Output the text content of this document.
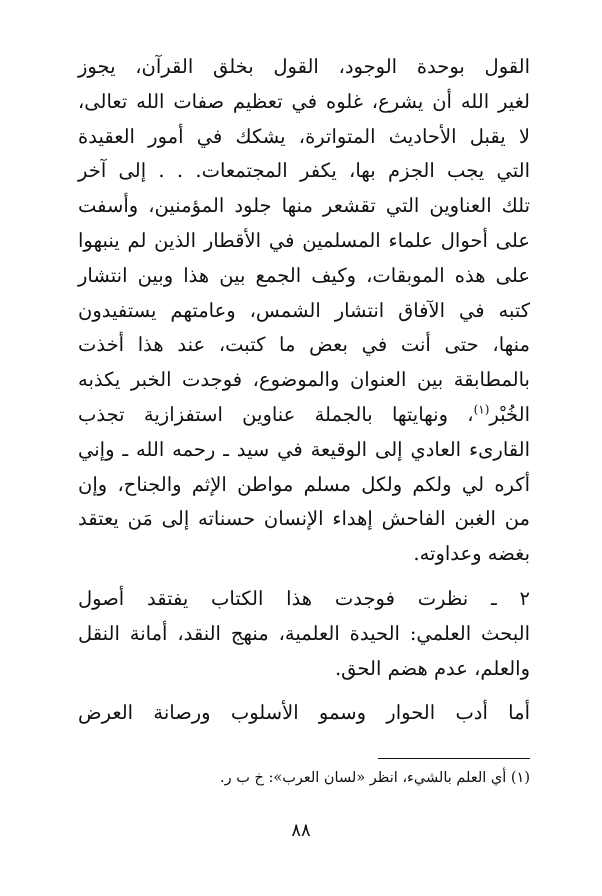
القول بوحدة الوجود، القول بخلق القرآن، يجوز
لغير الله أن يشرع، غلوه في تعظيم صفات الله تعالى،
لا يقبل الأحاديث المتواترة، يشكك في أمور العقيدة
التي يجب الجزم بها، يكفر المجتمعات. . . إلى آخر
تلك العناوين التي تقشعر منها جلود المؤمنين، وأسفت
على أحوال علماء المسلمين في الأقطار الذين لم ينبهوا
على هذه الموبقات، وكيف الجمع بين هذا وبين انتشار
كتبه في الآفاق انتشار الشمس، وعامتهم يستفيدون
منها، حتى أنت في بعض ما كتبت، عند هذا أخذت
بالمطابقة بين العنوان والموضوع، فوجدت الخبر يكذبه
الخُبْر$^{(١)}$، ونهايتها بالجملة عناوين استفزازية تجذب
القارىء العادي إلى الوقيعة في سيد ـ رحمه الله ـ وإني
أكره لي ولكم ولكل مسلم مواطن الإثم والجناح، وإن
من الغبن الفاحش إهداء الإنسان حسناته إلى مَن يعتقد
بغضه وعداوته.

٢ ـ نظرت فوجدت هذا الكتاب يفتقد أصول
البحث العلمي: الحيدة العلمية، منهج النقد، أمانة النقل
والعلم، عدم هضم الحق.

أما أدب الحوار وسمو الأسلوب ورصانة العرض

(١) أي العلم بالشيء، انظر «لسان العرب»: خ ب ر.
٨٨
